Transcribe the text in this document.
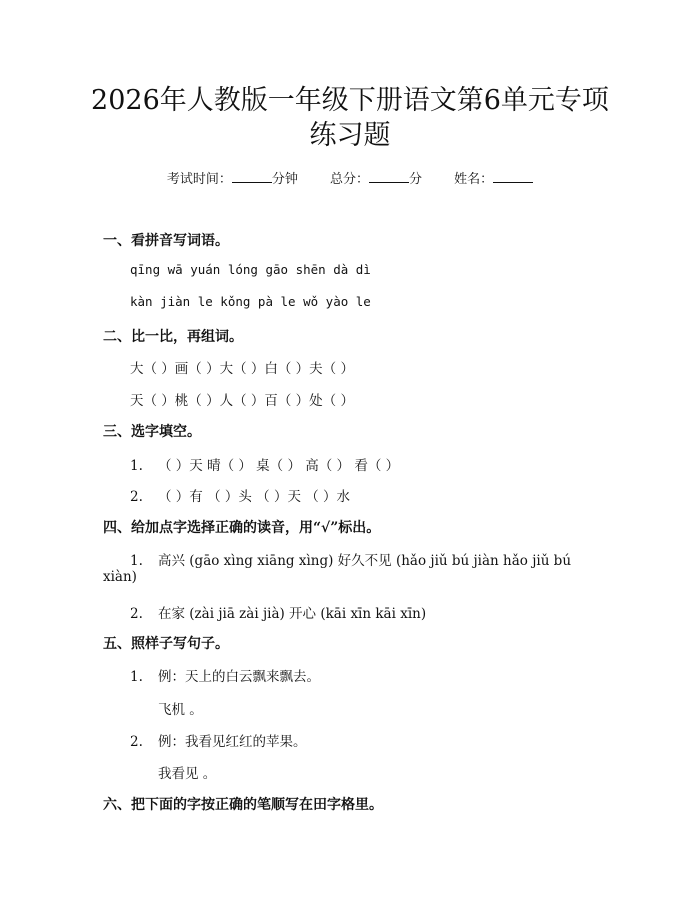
2026年人教版一年级下册语文第6单元专项
练习题
考试时间：	分钟 总分：	分 姓名：
一、看拼音写词语。
qīng wā yuán lóng gāo shēn dà dì
kàn jiàn le kǒng pà le wǒ yào le
二、比一比，再组词。
大（ ）画（ ）大（ ）白（ ）夫（ ）
天（ ）桃（ ）人（ ）百（ ）处（ ）
三、选字填空。
1. （ ）天 晴（ ） 桌（ ） 高（ ） 看（ ）
2. （ ）有 （ ）头 （ ）天 （ ）水
四、给加点字选择正确的读音，用“√”标出。
1. 高兴 (gāo xìng xiāng xìng) 好久不见 (hǎo jiǔ bú jiàn hǎo jiǔ bú
xiàn)
2. 在家 (zài jiā zài jià) 开心 (kāi xīn kāi xīn)
五、照样子写句子。
1. 例：天上的白云飘来飘去。
飞机 。
2. 例：我看见红红的苹果。
我看见 。
六、把下面的字按正确的笔顺写在田字格里。
